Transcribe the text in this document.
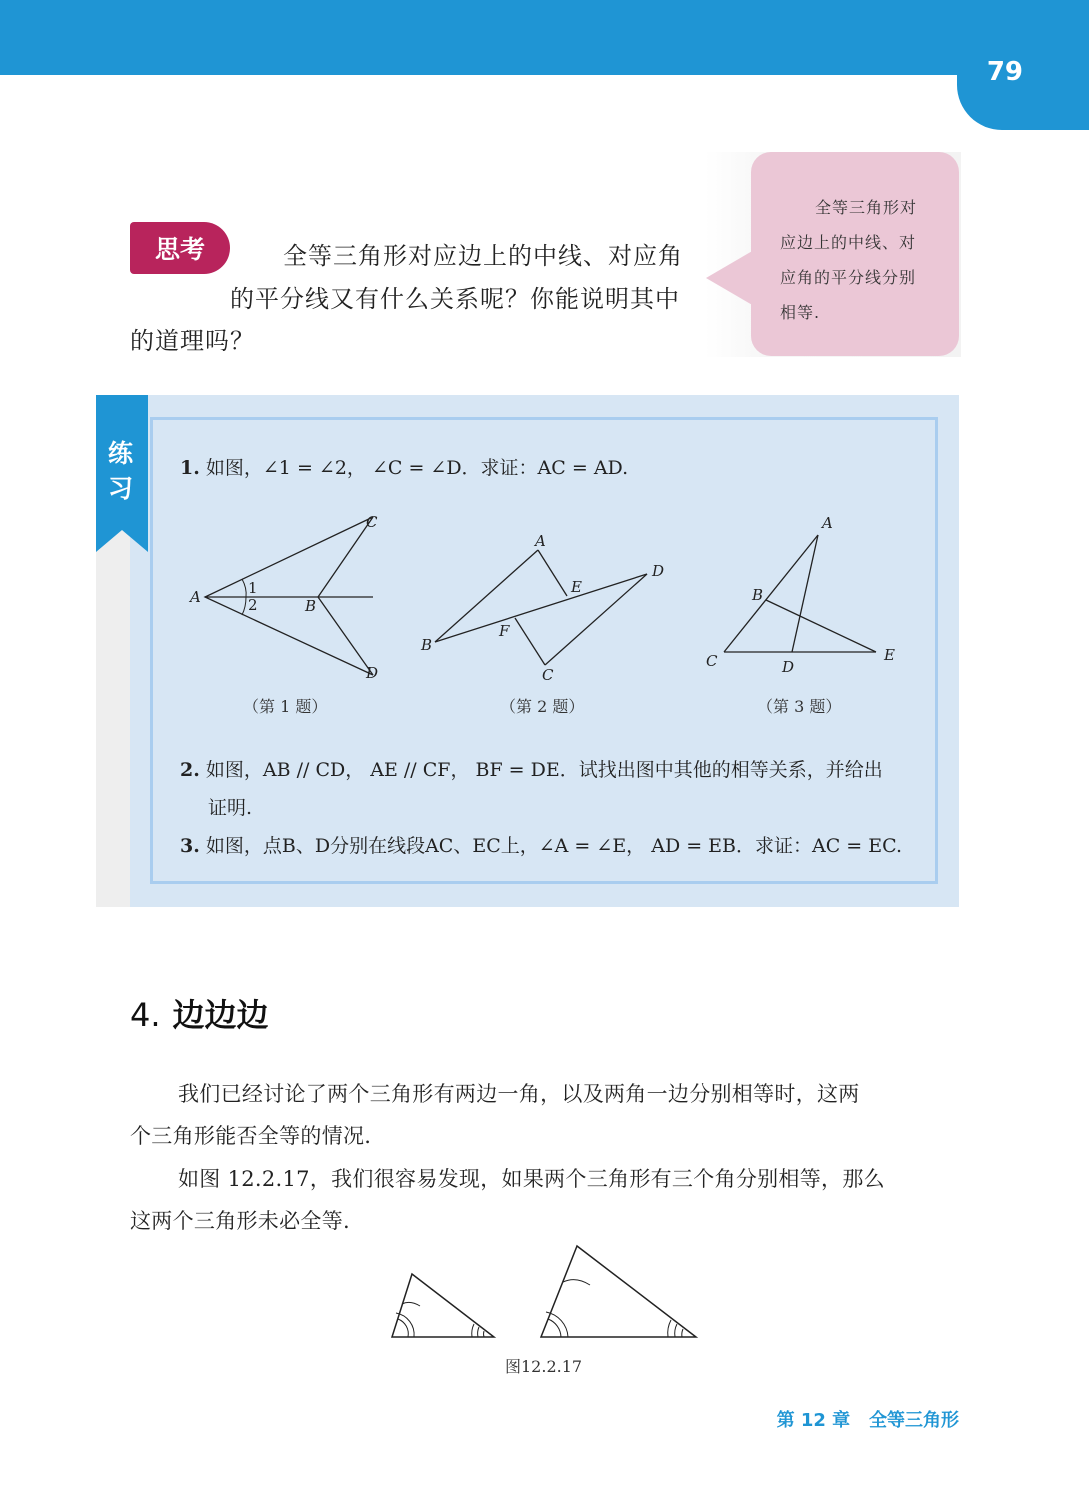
79
思考	全等三角形对应边上的中线、对应角
的平分线又有什么关系呢？你能说明其中
的道理吗？
全等三角形对
应边上的中线、对
应角的平分线分别
相等.
练
习
1. 如图，∠1 = ∠2， ∠C = ∠D．求证：AC = AD.
A	B
C
D
1
2
（第 1 题）
A
B
C
D
E
F
（第 2 题）
A
B
C	D
E
（第 3 题）
2. 如图，AB // CD， AE // CF， BF = DE．试找出图中其他的相等关系，并给出
证明.
3. 如图，点B、D分别在线段AC、EC上，∠A = ∠E， AD = EB．求证：AC = EC.
4. 边边边
我们已经讨论了两个三角形有两边一角，以及两角一边分别相等时，这两
个三角形能否全等的情况.
如图 12.2.17，我们很容易发现，如果两个三角形有三个角分别相等，那么
这两个三角形未必全等.
图12.2.17
第 12 章 全等三角形
